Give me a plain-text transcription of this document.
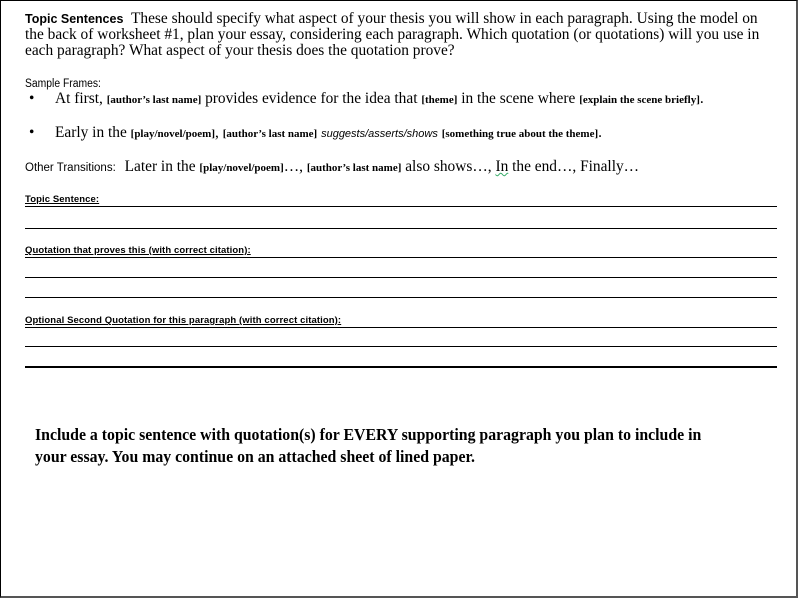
Topic Sentences These should specify what aspect of your thesis you will show in each paragraph. Using the model on the back of worksheet #1, plan your essay, considering each paragraph. Which quotation (or quotations) will you use in each paragraph? What aspect of your thesis does the quotation prove?
Sample Frames:
• At first, [author’s last name] provides evidence for the idea that [theme] in the scene where [explain the scene briefly].
• Early in the [play/novel/poem], [author’s last name] suggests/asserts/shows [something true about the theme].
Other Transitions: Later in the [play/novel/poem]…, [author’s last name] also shows…, In the end…, Finally…
Topic Sentence:
Quotation that proves this (with correct citation):
Optional Second Quotation for this paragraph (with correct citation):
Include a topic sentence with quotation(s) for EVERY supporting paragraph you plan to include in your essay. You may continue on an attached sheet of lined paper.
